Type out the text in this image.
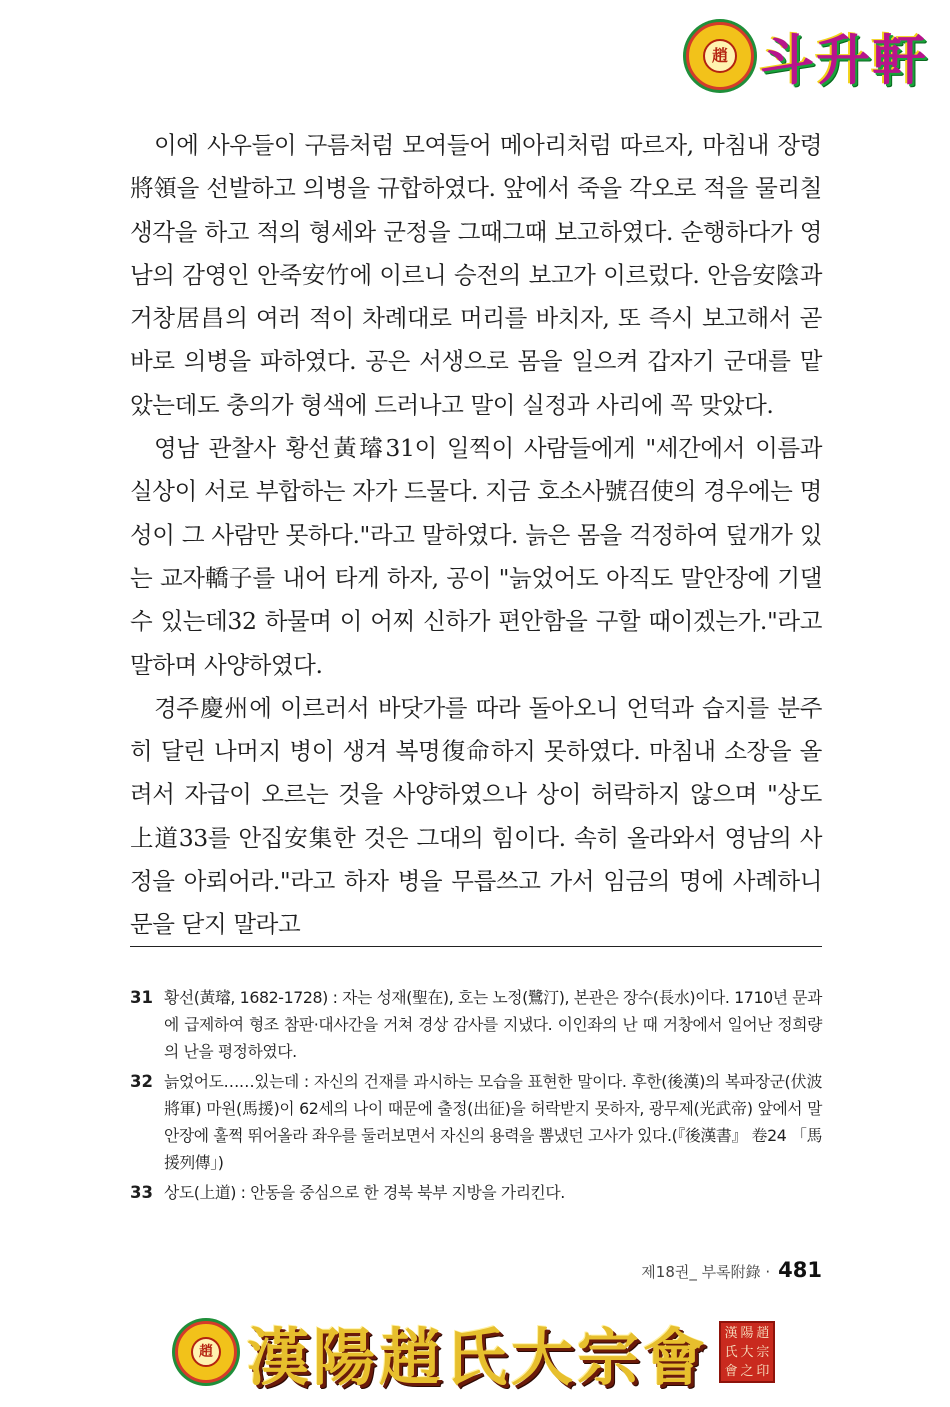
趙 斗升軒

이에 사우들이 구름처럼 모여들어 메아리처럼 따르자, 마침내 장령將領을 선발하고 의병을 규합하였다. 앞에서 죽을 각오로 적을 물리칠 생각을 하고 적의 형세와 군정을 그때그때 보고하였다. 순행하다가 영남의 감영인 안죽安竹에 이르니 승전의 보고가 이르렀다. 안음安陰과 거창居昌의 여러 적이 차례대로 머리를 바치자, 또 즉시 보고해서 곧바로 의병을 파하였다. 공은 서생으로 몸을 일으켜 갑자기 군대를 맡았는데도 충의가 형색에 드러나고 말이 실정과 사리에 꼭 맞았다.

영남 관찰사 황선黃璿31이 일찍이 사람들에게 "세간에서 이름과 실상이 서로 부합하는 자가 드물다. 지금 호소사號召使의 경우에는 명성이 그 사람만 못하다."라고 말하였다. 늙은 몸을 걱정하여 덮개가 있는 교자轎子를 내어 타게 하자, 공이 "늙었어도 아직도 말안장에 기댈 수 있는데32 하물며 이 어찌 신하가 편안함을 구할 때이겠는가."라고 말하며 사양하였다.

경주慶州에 이르러서 바닷가를 따라 돌아오니 언덕과 습지를 분주히 달린 나머지 병이 생겨 복명復命하지 못하였다. 마침내 소장을 올려서 자급이 오르는 것을 사양하였으나 상이 허락하지 않으며 "상도上道33를 안집安集한 것은 그대의 힘이다. 속히 올라와서 영남의 사정을 아뢰어라."라고 하자 병을 무릅쓰고 가서 임금의 명에 사례하니 문을 닫지 말라고

31 황선(黃璿, 1682-1728) : 자는 성재(聖在), 호는 노정(鷺汀), 본관은 장수(長水)이다. 1710년 문과에 급제하여 형조 참판·대사간을 거쳐 경상 감사를 지냈다. 이인좌의 난 때 거창에서 일어난 정희량의 난을 평정하였다.
32 늙었어도……있는데 : 자신의 건재를 과시하는 모습을 표현한 말이다. 후한(後漢)의 복파장군(伏波將軍) 마원(馬援)이 62세의 나이 때문에 출정(出征)을 허락받지 못하자, 광무제(光武帝) 앞에서 말 안장에 훌쩍 뛰어올라 좌우를 둘러보면서 자신의 용력을 뽐냈던 고사가 있다.(『後漢書』 卷24 「馬援列傳」)
33 상도(上道) : 안동을 중심으로 한 경북 북부 지방을 가리킨다.
제18권_ 부록附錄 · 481
趙 漢陽趙氏大宗會 漢 陽 趙
氏 大 宗
會 之 印
